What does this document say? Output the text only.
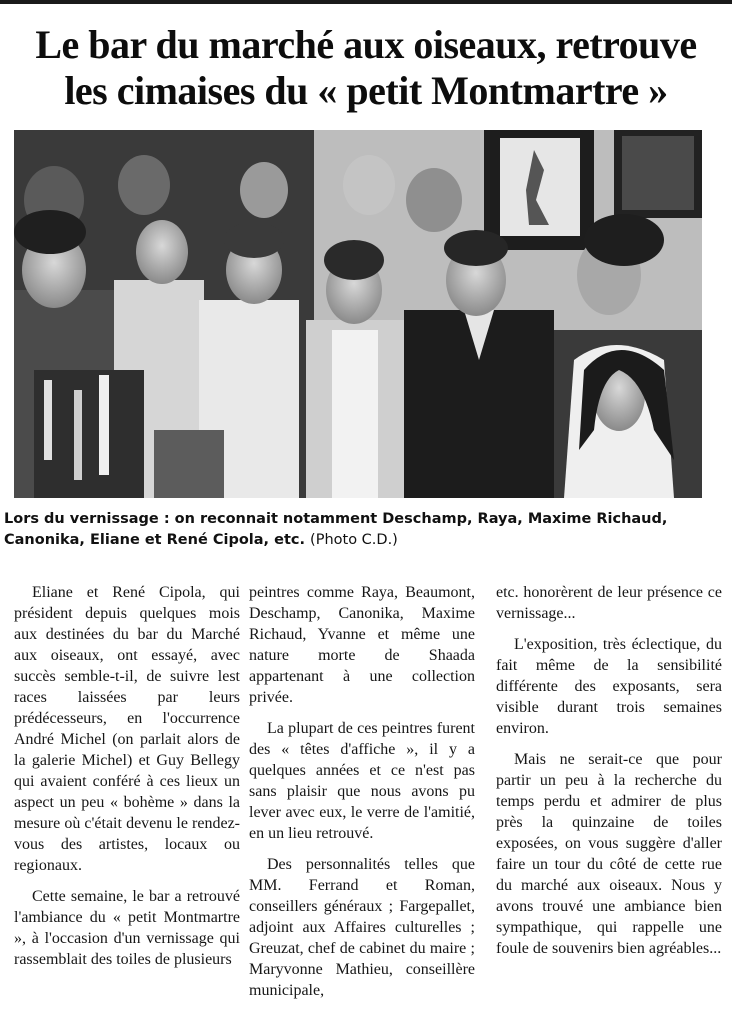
Le bar du marché aux oiseaux, retrouve
les cimaises du « petit Montmartre »
Lors du vernissage : on reconnait notamment Deschamp, Raya, Maxime Richaud, Canonika, Eliane et René Cipola, etc. (Photo C.D.)

Eliane et René Cipola, qui président depuis quelques mois aux destinées du bar du Marché aux oiseaux, ont essayé, avec succès semble-t-il, de suivre lest races laissées par leurs prédécesseurs, en l'occurrence André Michel (on parlait alors de la galerie Michel) et Guy Bellegy qui avaient conféré à ces lieux un aspect un peu « bohème » dans la mesure où c'était devenu le rendez-vous des artistes, locaux ou regionaux.

Cette semaine, le bar a retrouvé l'ambiance du « petit Montmartre », à l'occasion d'un vernissage qui rassemblait des toiles de plusieurs

peintres comme Raya, Beaumont, Deschamp, Canonika, Maxime Richaud, Yvanne et même une nature morte de Shaada appartenant à une collection privée.

La plupart de ces peintres furent des « têtes d'affiche », il y a quelques années et ce n'est pas sans plaisir que nous avons pu lever avec eux, le verre de l'amitié, en un lieu retrouvé.

Des personnalités telles que MM. Ferrand et Roman, conseillers généraux ; Fargepallet, adjoint aux Affaires culturelles ; Greuzat, chef de cabinet du maire ; Maryvonne Mathieu, conseillère municipale,

etc. honorèrent de leur présence ce vernissage...

L'exposition, très éclectique, du fait même de la sensibilité différente des exposants, sera visible durant trois semaines environ.

Mais ne serait-ce que pour partir un peu à la recherche du temps perdu et admirer de plus près la quinzaine de toiles exposées, on vous suggère d'aller faire un tour du côté de cette rue du marché aux oiseaux. Nous y avons trouvé une ambiance bien sympathique, qui rappelle une foule de souvenirs bien agréables...
